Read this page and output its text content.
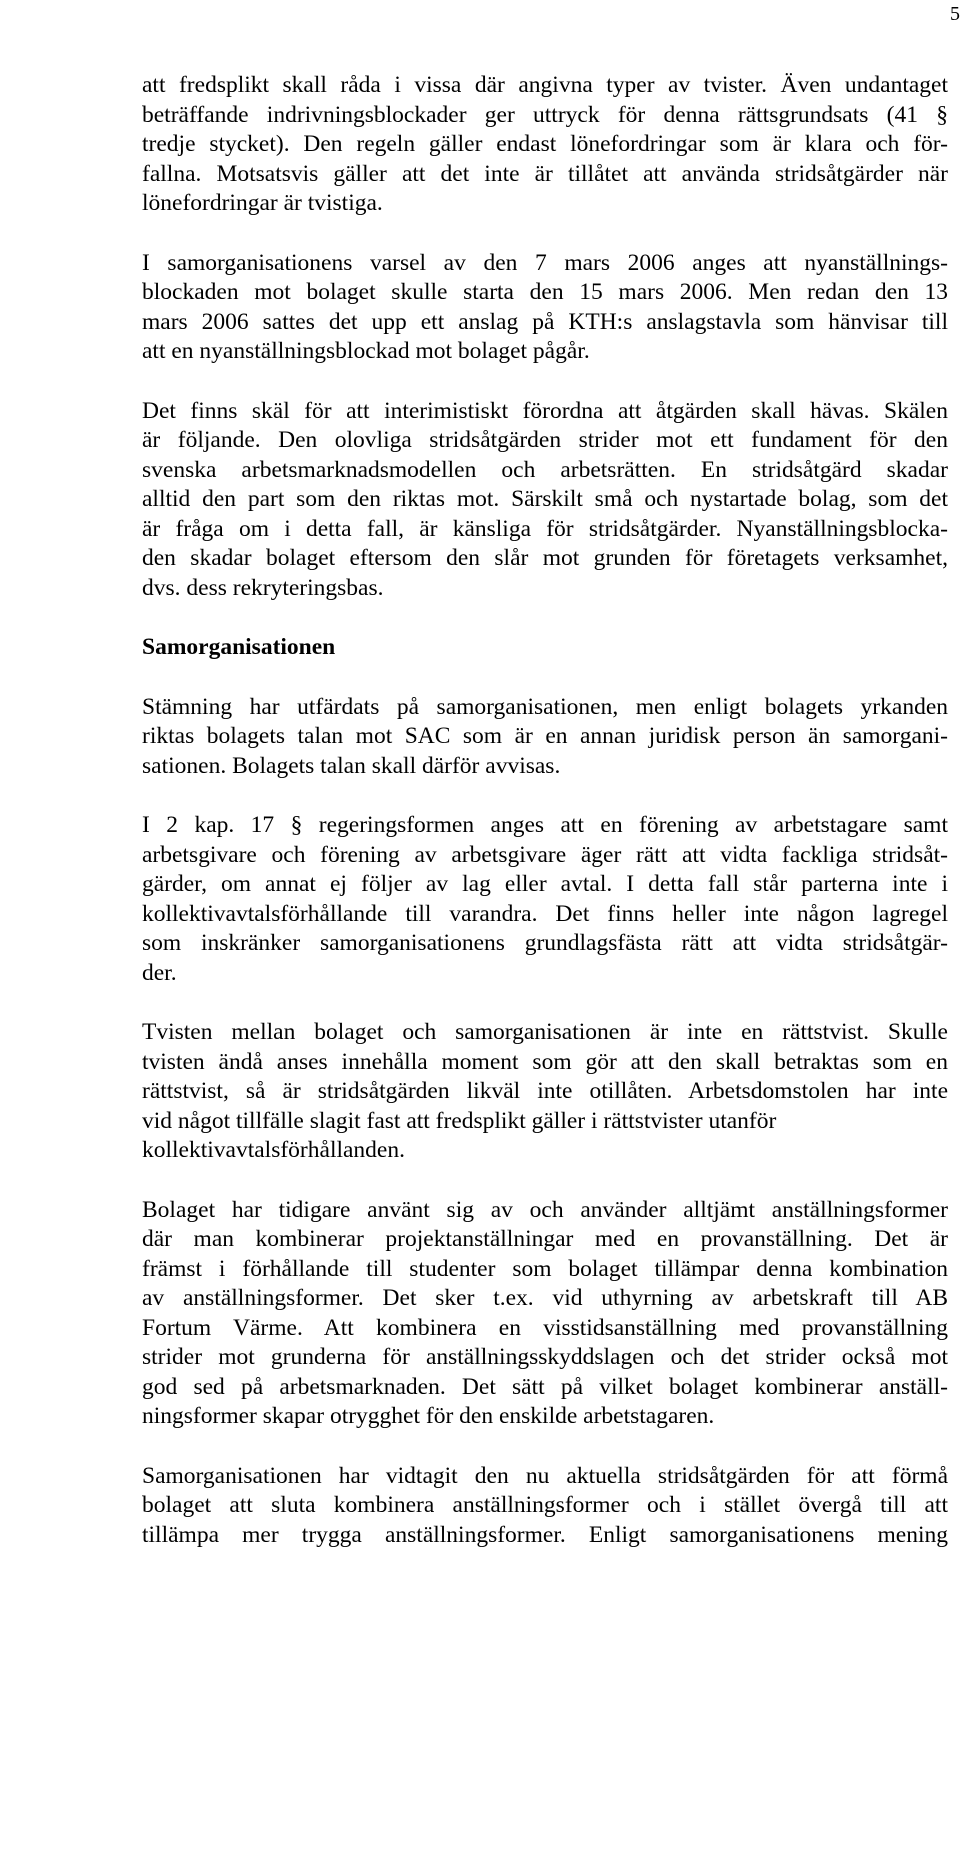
5
att fredsplikt skall råda i vissa där angivna typer av tvister. Även undantaget
beträffande indrivningsblockader ger uttryck för denna rättsgrundsats (41 §
tredje stycket). Den regeln gäller endast lönefordringar som är klara och för-
fallna. Motsatsvis gäller att det inte är tillåtet att använda stridsåtgärder när
lönefordringar är tvistiga.
I samorganisationens varsel av den 7 mars 2006 anges att nyanställnings-
blockaden mot bolaget skulle starta den 15 mars 2006. Men redan den 13
mars 2006 sattes det upp ett anslag på KTH:s anslagstavla som hänvisar till
att en nyanställningsblockad mot bolaget pågår.
Det finns skäl för att interimistiskt förordna att åtgärden skall hävas. Skälen
är följande. Den olovliga stridsåtgärden strider mot ett fundament för den
svenska arbetsmarknadsmodellen och arbetsrätten. En stridsåtgärd skadar
alltid den part som den riktas mot. Särskilt små och nystartade bolag, som det
är fråga om i detta fall, är känsliga för stridsåtgärder. Nyanställningsblocka-
den skadar bolaget eftersom den slår mot grunden för företagets verksamhet,
dvs. dess rekryteringsbas.
Samorganisationen
Stämning har utfärdats på samorganisationen, men enligt bolagets yrkanden
riktas bolagets talan mot SAC som är en annan juridisk person än samorgani-
sationen. Bolagets talan skall därför avvisas.
I 2 kap. 17 § regeringsformen anges att en förening av arbetstagare samt
arbetsgivare och förening av arbetsgivare äger rätt att vidta fackliga stridsåt-
gärder, om annat ej följer av lag eller avtal. I detta fall står parterna inte i
kollektivavtalsförhållande till varandra. Det finns heller inte någon lagregel
som inskränker samorganisationens grundlagsfästa rätt att vidta stridsåtgär-
der.
Tvisten mellan bolaget och samorganisationen är inte en rättstvist. Skulle
tvisten ändå anses innehålla moment som gör att den skall betraktas som en
rättstvist, så är stridsåtgärden likväl inte otillåten. Arbetsdomstolen har inte
vid något tillfälle slagit fast att fredsplikt gäller i rättstvister utanför
kollektivavtalsförhållanden.
Bolaget har tidigare använt sig av och använder alltjämt anställningsformer
där man kombinerar projektanställningar med en provanställning. Det är
främst i förhållande till studenter som bolaget tillämpar denna kombination
av anställningsformer. Det sker t.ex. vid uthyrning av arbetskraft till AB
Fortum Värme. Att kombinera en visstidsanställning med provanställning
strider mot grunderna för anställningsskyddslagen och det strider också mot
god sed på arbetsmarknaden. Det sätt på vilket bolaget kombinerar anställ-
ningsformer skapar otrygghet för den enskilde arbetstagaren.
Samorganisationen har vidtagit den nu aktuella stridsåtgärden för att förmå
bolaget att sluta kombinera anställningsformer och i stället övergå till att
tillämpa mer trygga anställningsformer. Enligt samorganisationens mening
